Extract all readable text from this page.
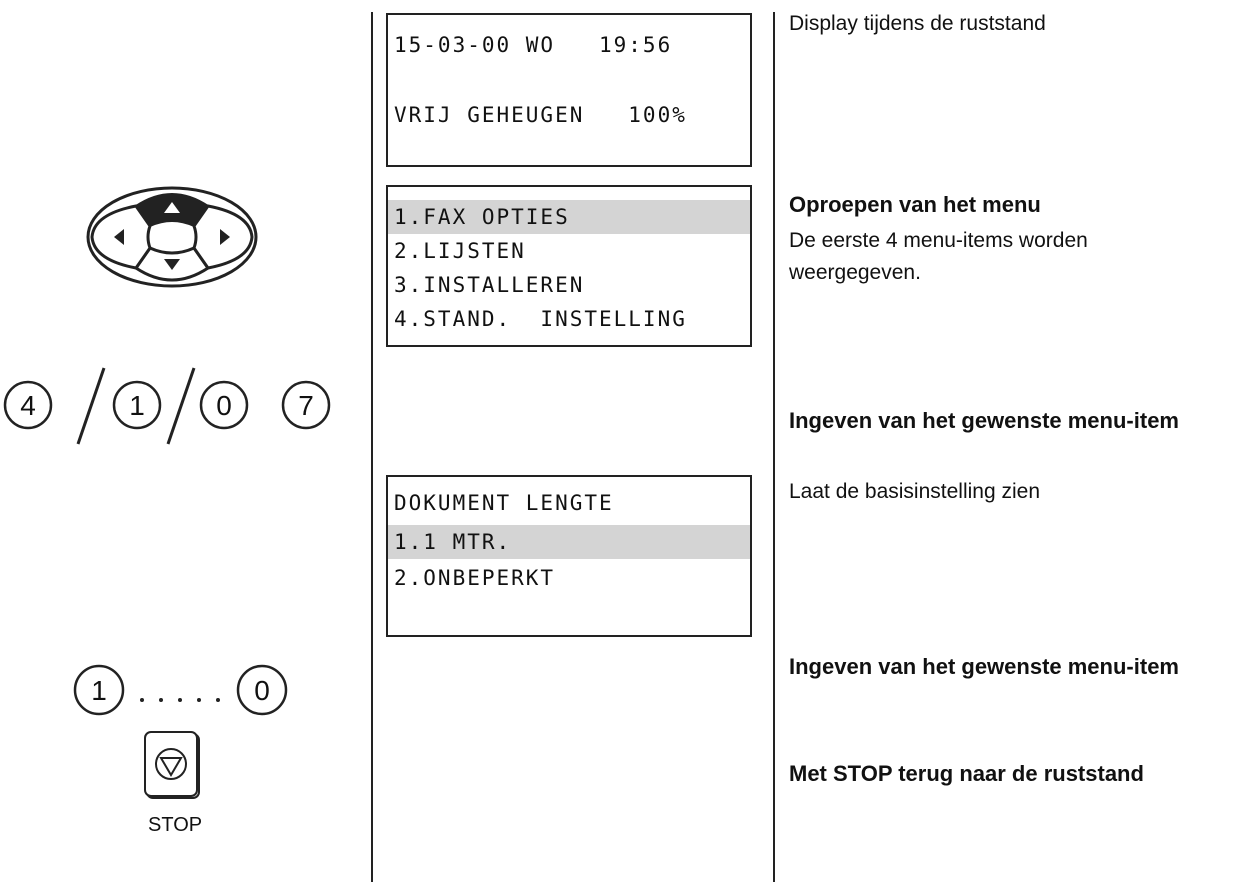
4	1	0 7
1	0
STOP
15-03-00 WO   19:56
VRIJ GEHEUGEN   100%
1.FAX OPTIES
2.LIJSTEN
3.INSTALLEREN
4.STAND.  INSTELLING
DOKUMENT LENGTE
1.1 MTR.
2.ONBEPERKT
Display tijdens de ruststand
Oproepen van het menu
De eerste 4 menu-items worden
weergegeven.
Ingeven van het gewenste menu-item
Laat de basisinstelling zien
Ingeven van het gewenste menu-item
Met STOP terug naar de ruststand
